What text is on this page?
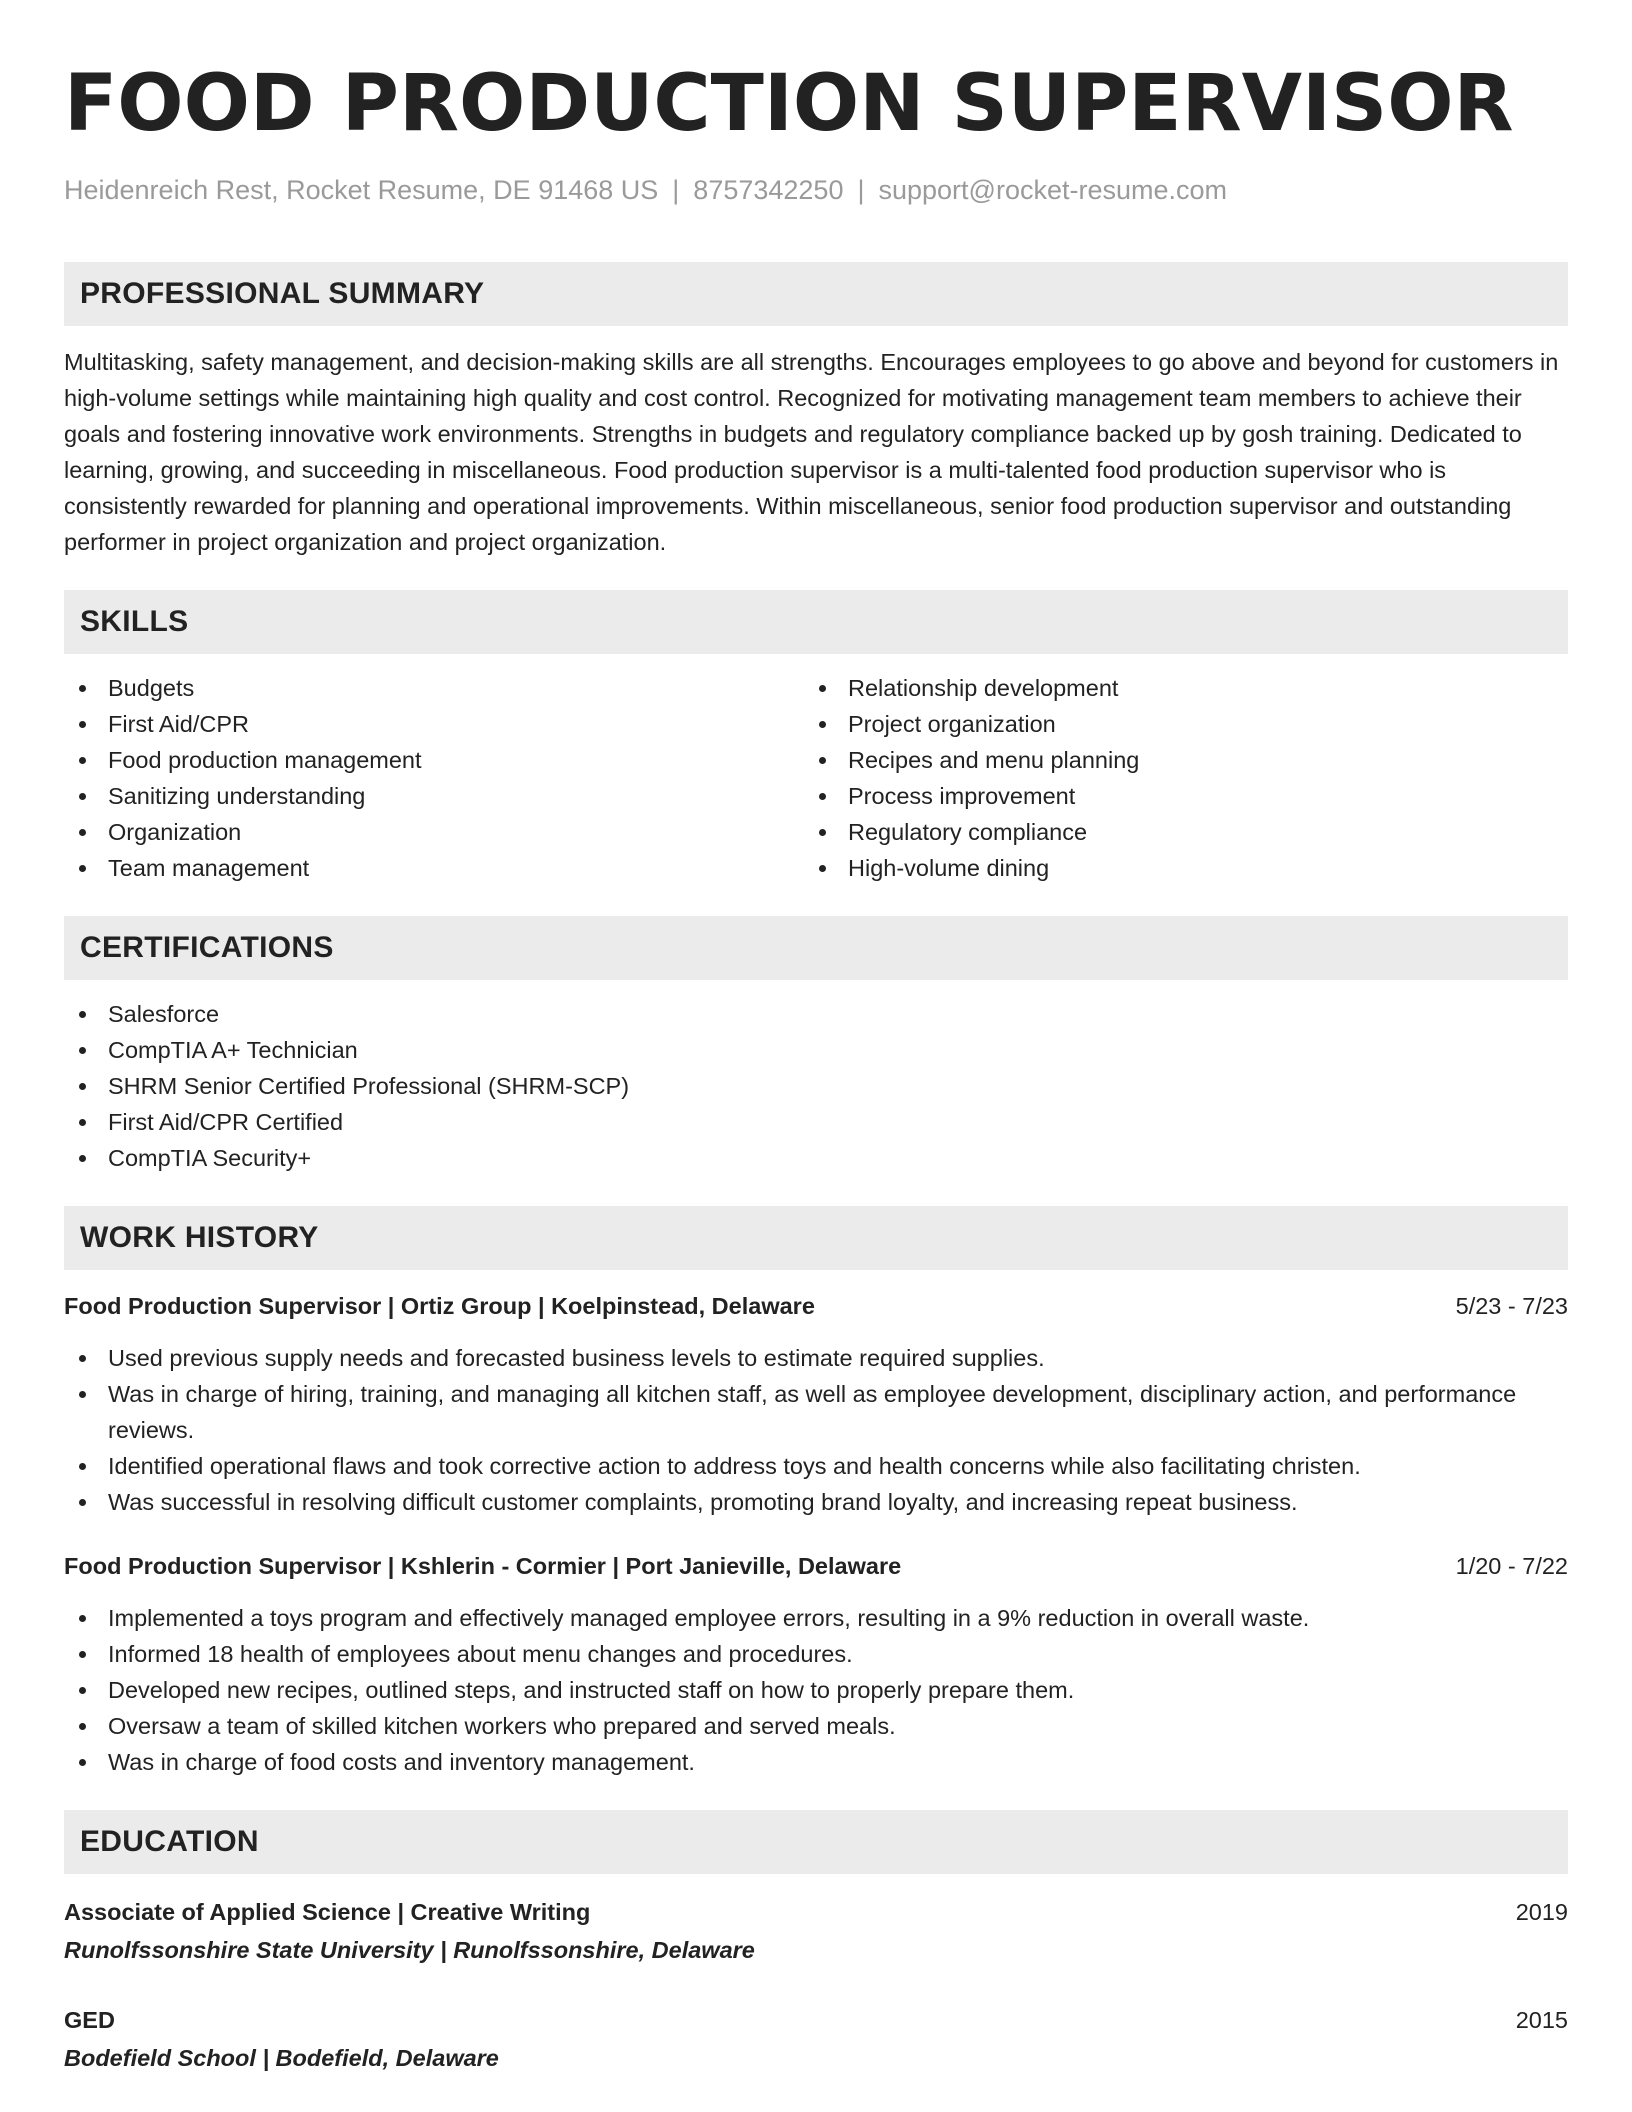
FOOD PRODUCTION SUPERVISOR
Heidenreich Rest, Rocket Resume, DE 91468 US | 8757342250 | support@rocket-resume.com
PROFESSIONAL SUMMARY

Multitasking, safety management, and decision-making skills are all strengths. Encourages employees to go above and beyond for customers in high-volume settings while maintaining high quality and cost control. Recognized for motivating management team members to achieve their goals and fostering innovative work environments. Strengths in budgets and regulatory compliance backed up by gosh training. Dedicated to learning, growing, and succeeding in miscellaneous. Food production supervisor is a multi-talented food production supervisor who is consistently rewarded for planning and operational improvements. Within miscellaneous, senior food production supervisor and outstanding performer in project organization and project organization.

SKILLS
Budgets
First Aid/CPR
Food production management
Sanitizing understanding
Organization
Team management
Relationship development
Project organization
Recipes and menu planning
Process improvement
Regulatory compliance
High-volume dining
CERTIFICATIONS
Salesforce
CompTIA A+ Technician
SHRM Senior Certified Professional (SHRM-SCP)
First Aid/CPR Certified
CompTIA Security+
WORK HISTORY
Food Production Supervisor | Ortiz Group | Koelpinstead, Delaware	5/23 - 7/23
Used previous supply needs and forecasted business levels to estimate required supplies.
Was in charge of hiring, training, and managing all kitchen staff, as well as employee development, disciplinary action, and performance reviews.
Identified operational flaws and took corrective action to address toys and health concerns while also facilitating christen.
Was successful in resolving difficult customer complaints, promoting brand loyalty, and increasing repeat business.
Food Production Supervisor | Kshlerin - Cormier | Port Janieville, Delaware	1/20 - 7/22
Implemented a toys program and effectively managed employee errors, resulting in a 9% reduction in overall waste.
Informed 18 health of employees about menu changes and procedures.
Developed new recipes, outlined steps, and instructed staff on how to properly prepare them.
Oversaw a team of skilled kitchen workers who prepared and served meals.
Was in charge of food costs and inventory management.
EDUCATION
Associate of Applied Science | Creative Writing	2019
Runolfssonshire State University | Runolfssonshire, Delaware
GED	2015
Bodefield School | Bodefield, Delaware
